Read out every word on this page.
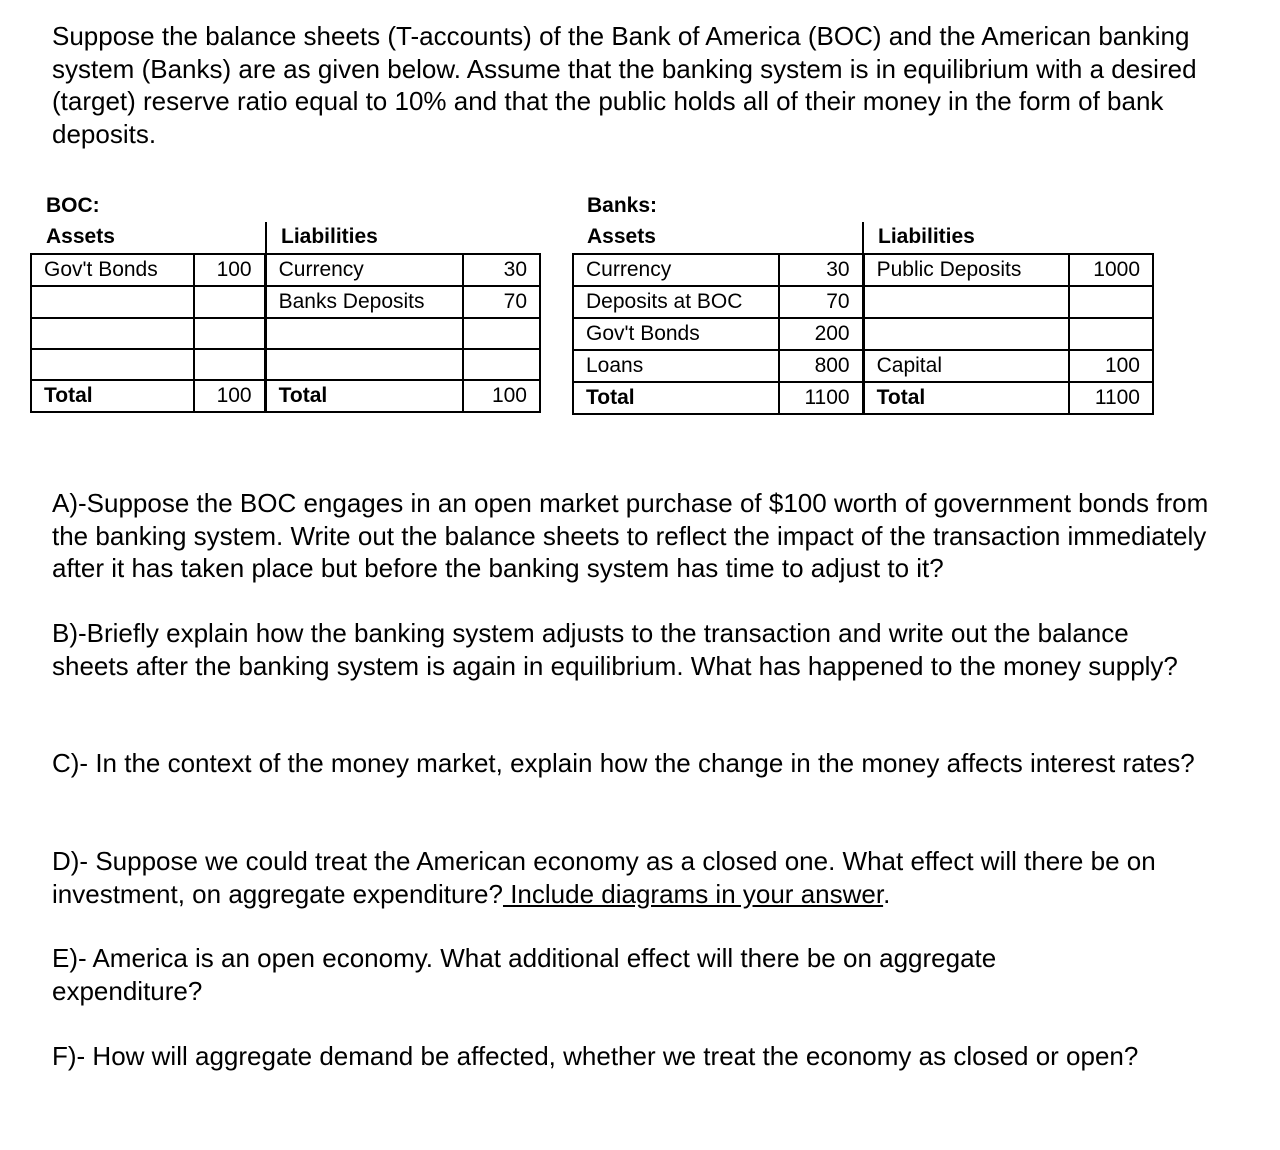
Suppose the balance sheets (T-accounts) of the Bank of America (BOC) and the American banking system (Banks) are as given below. Assume that the banking system is in equilibrium with a desired (target) reserve ratio equal to 10% and that the public holds all of their money in the form of bank deposits.

BOC:
Assets	Liabilities
Gov't Bonds	100	Currency	30
		Banks Deposits	70

Total	100	Total	100
Banks:
Assets	Liabilities
Currency	30	Public Deposits	1000
Deposits at BOC	70		
Gov't Bonds	200		
Loans	800	Capital	100
Total	1100	Total	1100

A)-Suppose the BOC engages in an open market purchase of $100 worth of government bonds from the banking system. Write out the balance sheets to reflect the impact of the transaction immediately after it has taken place but before the banking system has time to adjust to it?

B)-Briefly explain how the banking system adjusts to the transaction and write out the balance sheets after the banking system is again in equilibrium. What has happened to the money supply?

C)- In the context of the money market, explain how the change in the money affects interest rates?

D)- Suppose we could treat the American economy as a closed one. What effect will there be on investment, on aggregate expenditure? Include diagrams in your answer.

E)- America is an open economy. What additional effect will there be on aggregate expenditure?

F)- How will aggregate demand be affected, whether we treat the economy as closed or open?
